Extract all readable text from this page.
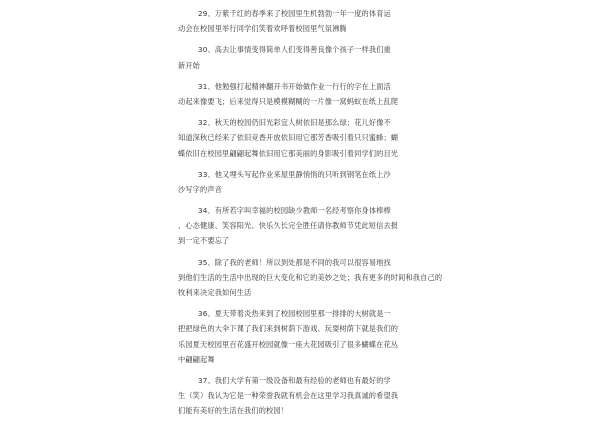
29、万紫千红的春季来了校园里生机勃勃一年一度的体育运
动会在校园里举行同学们笑着欢呼着校园里气氛沸腾
30、高去让事情变得简单人们变得善良像个孩子一样我们重
新开始
31、他勉强打起精神翻开书开始做作业一行行的字在上面活
动起来像要飞；后来觉得只是模模糊糊的一片像一窝蚂蚁在纸上乱爬
32、秋天的校园仍旧光彩宜人树依旧是那么绿；花儿好像不
知道深秋已经来了依旧竞香开放依旧用它那芳香吸引着只只蜜蜂；蝴
蝶依旧在校园里翩翩起舞依旧用它那美丽的身影吸引着同学们的目光
33、他又埋头写起作业来屋里静悄悄的只听到钢笔在纸上沙
沙写字的声音
34、有所若字叫幸福的校园缺少教师一名经考察你身体棒棒
、心态健康、笑容阳光、快乐久长完全胜任请你教师节凭此短信去报
到一定不要忘了
35、除了我的老师！所以到处都是不同的我可以很容易地找
到他们生活的生活中出现的巨大变化和它的美妙之处；我有更多的时间和我自己的
牧利来决定我如何生活
36、夏天带着炎热来到了校园校园里那一排排的大树就是一
把把绿色的大伞下课了我们来到树荫下游戏、玩耍树荫下就是我们的
乐园夏天校园里百花盛开校园就像一座大花园吸引了很多蝴蝶在花丛
中翩翩起舞
37、我们大学有第一级设备和最有经验的老师也有最好的学
生（笑）我认为它是一种荣誉我就有机会在这里学习我真诚的希望我
们能有美好的生活在我们的校园！
